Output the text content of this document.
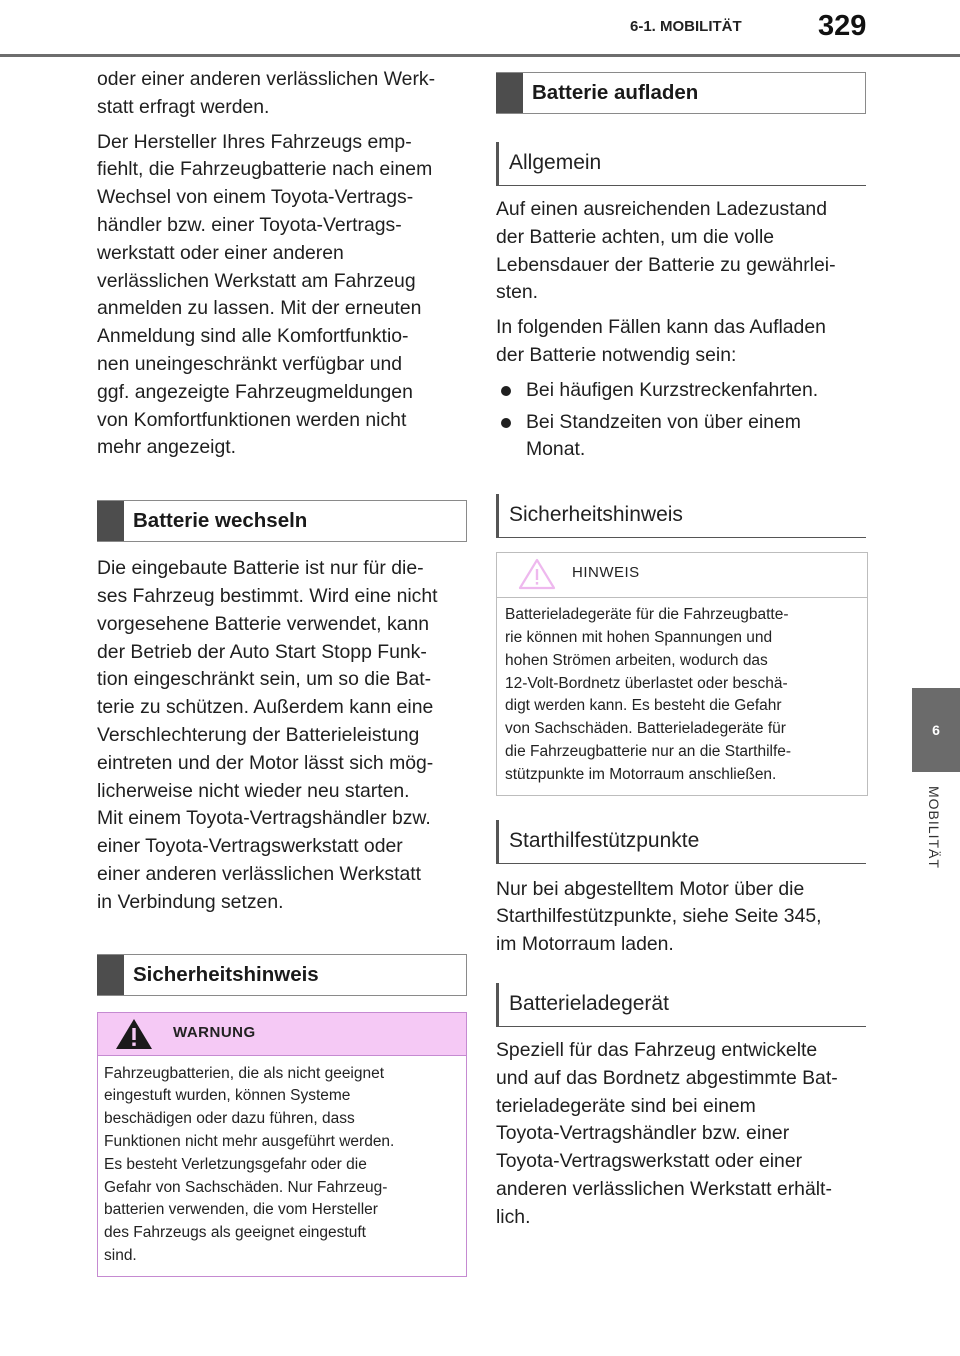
6-1. MOBILITÄT	329
6
MOBILITÄT

oder einer anderen verlässlichen Werk-
statt erfragt werden.

Der Hersteller Ihres Fahrzeugs emp-
fiehlt, die Fahrzeugbatterie nach einem
Wechsel von einem Toyota-Vertrags-
händler bzw. einer Toyota-Vertrags-
werkstatt oder einer anderen
verlässlichen Werkstatt am Fahrzeug
anmelden zu lassen. Mit der erneuten
Anmeldung sind alle Komfortfunktio-
nen uneingeschränkt verfügbar und
ggf. angezeigte Fahrzeugmeldungen
von Komfortfunktionen werden nicht
mehr angezeigt.

Batterie wechseln

Die eingebaute Batterie ist nur für die-
ses Fahrzeug bestimmt. Wird eine nicht
vorgesehene Batterie verwendet, kann
der Betrieb der Auto Start Stopp Funk-
tion eingeschränkt sein, um so die Bat-
terie zu schützen. Außerdem kann eine
Verschlechterung der Batterieleistung
eintreten und der Motor lässt sich mög-
licherweise nicht wieder neu starten.
Mit einem Toyota-Vertragshändler bzw.
einer Toyota-Vertragswerkstatt oder
einer anderen verlässlichen Werkstatt
in Verbindung setzen.

Sicherheitshinweis
WARNUNG
Fahrzeugbatterien, die als nicht geeignet
eingestuft wurden, können Systeme
beschädigen oder dazu führen, dass
Funktionen nicht mehr ausgeführt werden.
Es besteht Verletzungsgefahr oder die
Gefahr von Sachschäden. Nur Fahrzeug-
batterien verwenden, die vom Hersteller
des Fahrzeugs als geeignet eingestuft
sind.
Batterie aufladen
Allgemein

Auf einen ausreichenden Ladezustand
der Batterie achten, um die volle
Lebensdauer der Batterie zu gewährlei-
sten.

In folgenden Fällen kann das Aufladen
der Batterie notwendig sein:

Bei häufigen Kurzstreckenfahrten.
Bei Standzeiten von über einem
Monat.
Sicherheitshinweis
HINWEIS
Batterieladegeräte für die Fahrzeugbatte-
rie können mit hohen Spannungen und
hohen Strömen arbeiten, wodurch das
12-Volt-Bordnetz überlastet oder beschä-
digt werden kann. Es besteht die Gefahr
von Sachschäden. Batterieladegeräte für
die Fahrzeugbatterie nur an die Starthilfe-
stützpunkte im Motorraum anschließen.
Starthilfestützpunkte

Nur bei abgestelltem Motor über die
Starthilfestützpunkte, siehe Seite 345,
im Motorraum laden.

Batterieladegerät

Speziell für das Fahrzeug entwickelte
und auf das Bordnetz abgestimmte Bat-
terieladegeräte sind bei einem
Toyota-Vertragshändler bzw. einer
Toyota-Vertragswerkstatt oder einer
anderen verlässlichen Werkstatt erhält-
lich.
